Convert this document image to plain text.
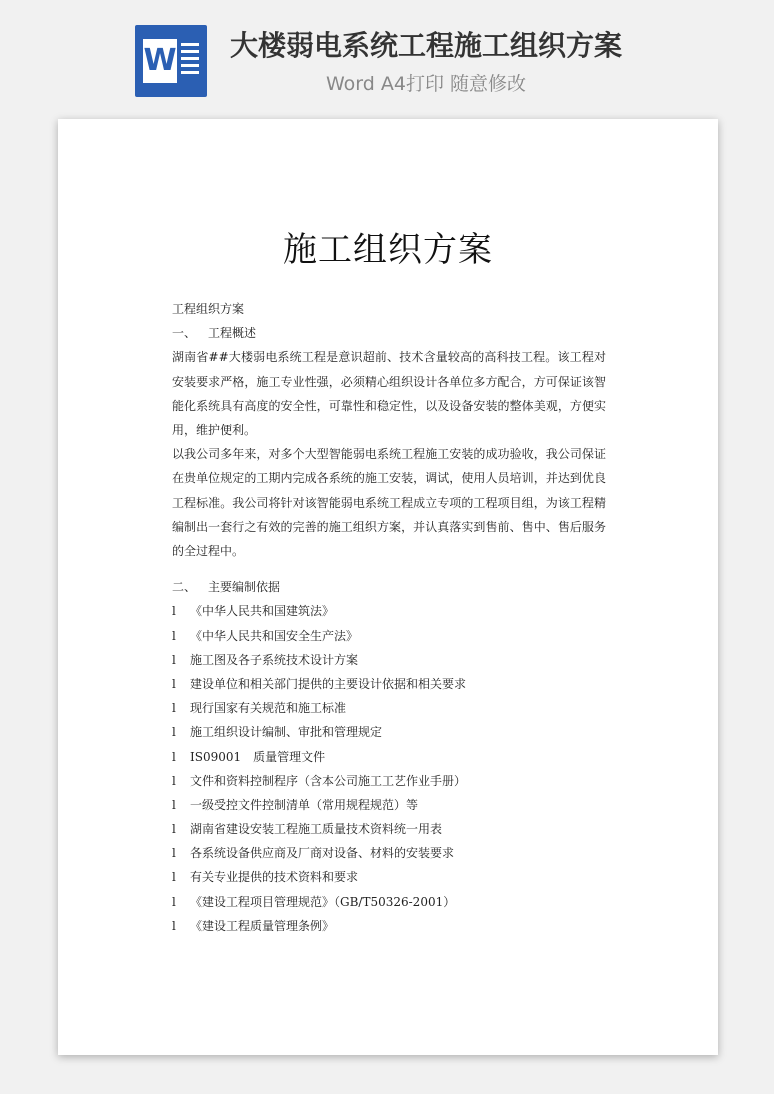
W 大楼弱电系统工程施工组织方案
Word A4打印 随意修改
施工组织方案
工程组织方案
一、 工程概述
湖南省##大楼弱电系统工程是意识超前、技术含量较高的高科技工程。该工程对安装要求严格，施工专业性强，必须精心组织设计各单位多方配合，方可保证该智能化系统具有高度的安全性，可靠性和稳定性，以及设备安装的整体美观，方便实用，维护便利。
以我公司多年来，对多个大型智能弱电系统工程施工安装的成功验收，我公司保证在贵单位规定的工期内完成各系统的施工安装，调试，使用人员培训，并达到优良工程标准。我公司将针对该智能弱电系统工程成立专项的工程项目组，为该工程精编制出一套行之有效的完善的施工组织方案，并认真落实到售前、售中、售后服务的全过程中。
二、 主要编制依据
l 《中华人民共和国建筑法》
l 《中华人民共和国安全生产法》
l 施工图及各子系统技术设计方案
l 建设单位和相关部门提供的主要设计依据和相关要求
l 现行国家有关规范和施工标准
l 施工组织设计编制、审批和管理规定
l IS09001　质量管理文件
l 文件和资料控制程序（含本公司施工工艺作业手册）
l 一级受控文件控制清单（常用规程规范）等
l 湖南省建设安装工程施工质量技术资料统一用表
l 各系统设备供应商及厂商对设备、材料的安装要求
l 有关专业提供的技术资料和要求
l 《建设工程项目管理规范》（GB/T50326-2001）
l 《建设工程质量管理条例》
